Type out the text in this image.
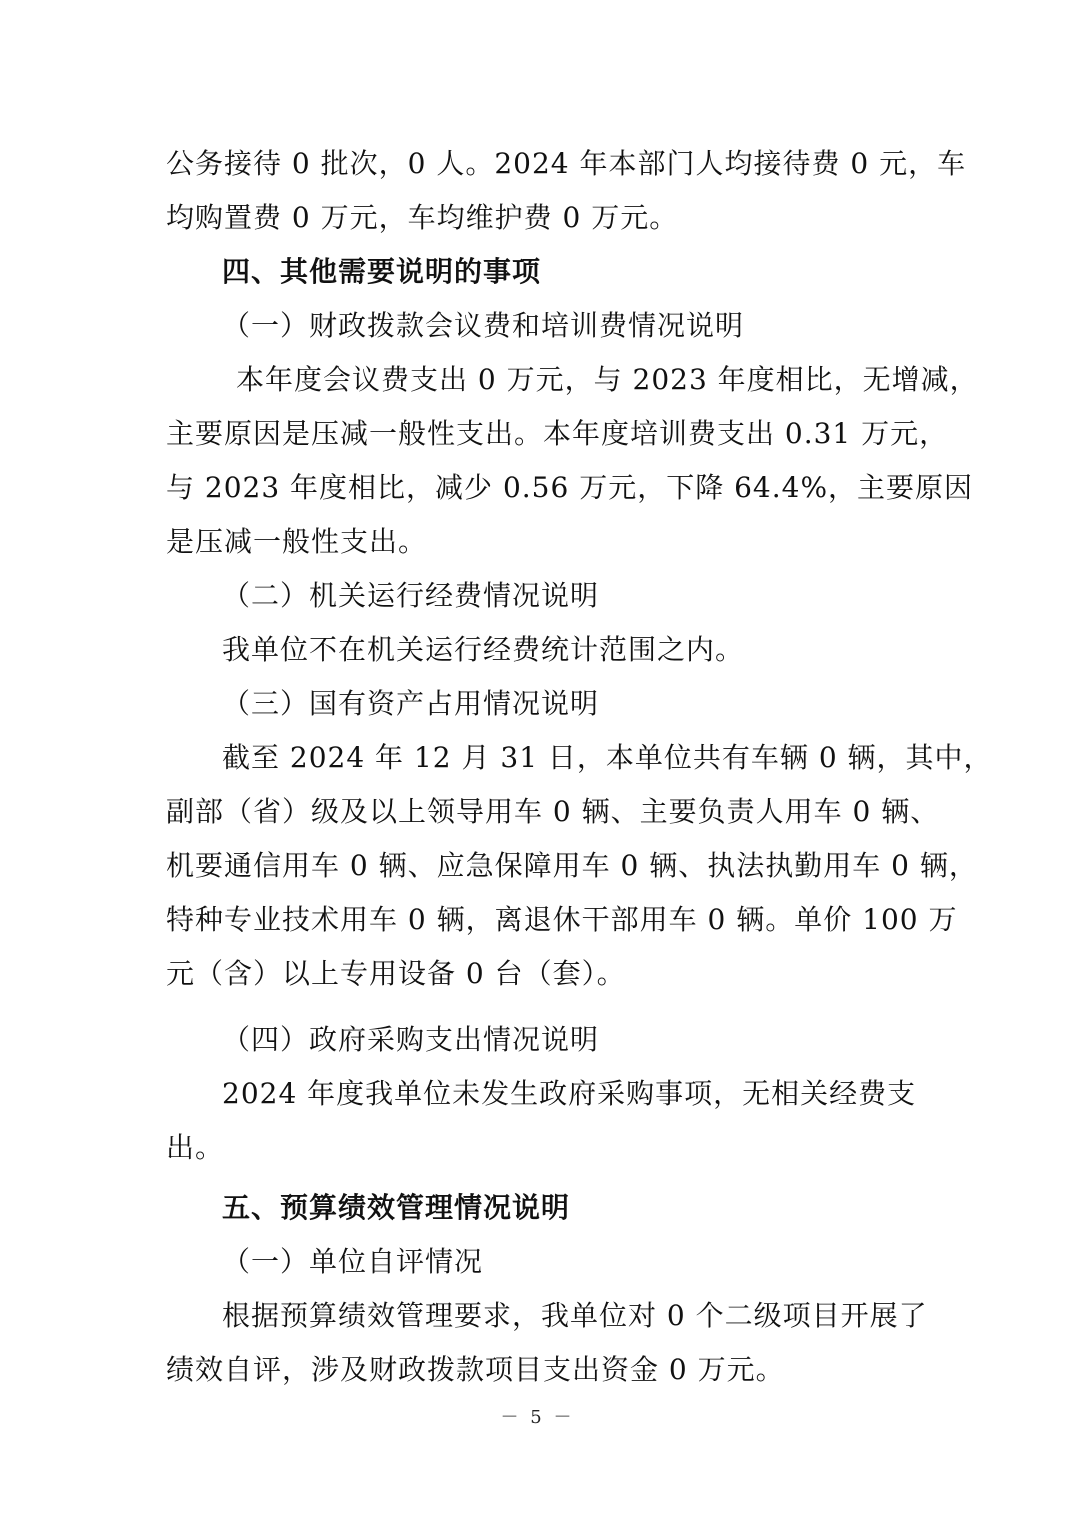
公务接待 0 批次，0 人。2024 年本部门人均接待费 0 元，车
均购置费 0 万元，车均维护费 0 万元。
四、其他需要说明的事项
（一）财政拨款会议费和培训费情况说明
本年度会议费支出 0 万元，与 2023 年度相比，无增减，
主要原因是压减一般性支出。本年度培训费支出 0.31 万元，
与 2023 年度相比，减少 0.56 万元，下降 64.4%，主要原因
是压减一般性支出。
（二）机关运行经费情况说明
我单位不在机关运行经费统计范围之内。
（三）国有资产占用情况说明
截至 2024 年 12 月 31 日，本单位共有车辆 0 辆，其中，
副部（省）级及以上领导用车 0 辆、主要负责人用车 0 辆、
机要通信用车 0 辆、应急保障用车 0 辆、执法执勤用车 0 辆，
特种专业技术用车 0 辆，离退休干部用车 0 辆。单价 100 万
元（含）以上专用设备 0 台（套）。
（四）政府采购支出情况说明
2024 年度我单位未发生政府采购事项，无相关经费支
出。
五、预算绩效管理情况说明
（一）单位自评情况
根据预算绩效管理要求，我单位对 0 个二级项目开展了
绩效自评，涉及财政拨款项目支出资金 0 万元。
－ 5 －
